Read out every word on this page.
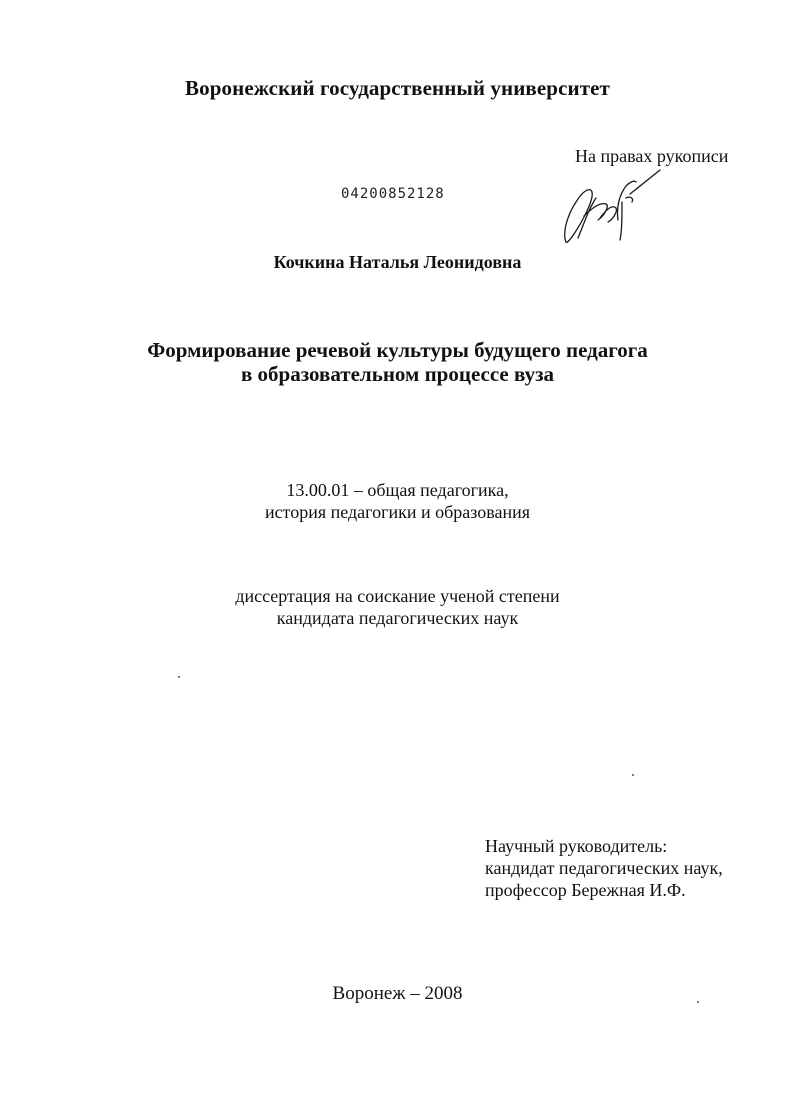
Воронежский государственный университет
На правах рукописи
04200852128
Кочкина Наталья Леонидовна
Формирование речевой культуры будущего педагога
в образовательном процессе вуза
13.00.01 – общая педагогика,
история педагогики и образования
диссертация на соискание ученой степени
кандидата педагогических наук
Научный руководитель:
кандидат педагогических наук,
профессор Бережная И.Ф.
Воронеж – 2008
